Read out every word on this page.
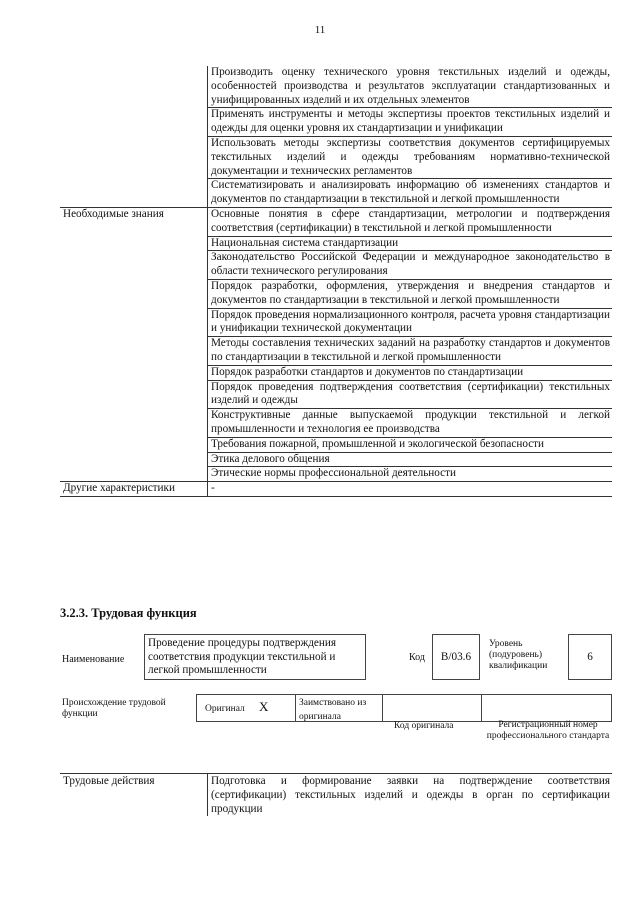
11
	Производить оценку технического уровня текстильных изделий и одежды, особенностей производства и результатов эксплуатации стандартизованных и унифицированных изделий и их отдельных элементов
	Применять инструменты и методы экспертизы проектов текстильных изделий и одежды для оценки уровня их стандартизации и унификации
	Использовать методы экспертизы соответствия документов сертифицируемых текстильных изделий и одежды требованиям нормативно-технической документации и технических регламентов
	Систематизировать и анализировать информацию об изменениях стандартов и документов по стандартизации в текстильной и легкой промышленности
Необходимые знания	Основные понятия в сфере стандартизации, метрологии и подтверждения соответствия (сертификации) в текстильной и легкой промышленности
	Национальная система стандартизации
	Законодательство Российской Федерации и международное законодательство в области технического регулирования
	Порядок разработки, оформления, утверждения и внедрения стандартов и документов по стандартизации в текстильной и легкой промышленности
	Порядок проведения нормализационного контроля, расчета уровня стандартизации и унификации технической документации
	Методы составления технических заданий на разработку стандартов и документов по стандартизации в текстильной и легкой промышленности
	Порядок разработки стандартов и документов по стандартизации
	Порядок проведения подтверждения соответствия (сертификации) текстильных изделий и одежды
	Конструктивные данные выпускаемой продукции текстильной и легкой промышленности и технология ее производства
	Требования пожарной, промышленной и экологической безопасности
	Этика делового общения
	Этические нормы профессиональной деятельности
Другие характеристики	-
3.2.3. Трудовая функция
Наименование
Проведение процедуры подтверждения соответствия продукции текстильной и легкой промышленности
Код	B/03.6
Уровень (подуровень) квалификации
6
Происхождение трудовой функции	Оригинал X	Заимствовано из оригинала
Код оригинала	Регистрационный номер профессионального стандарта
Трудовые действия	Подготовка и формирование заявки на подтверждение соответствия (сертификации) текстильных изделий и одежды в орган по сертификации продукции
